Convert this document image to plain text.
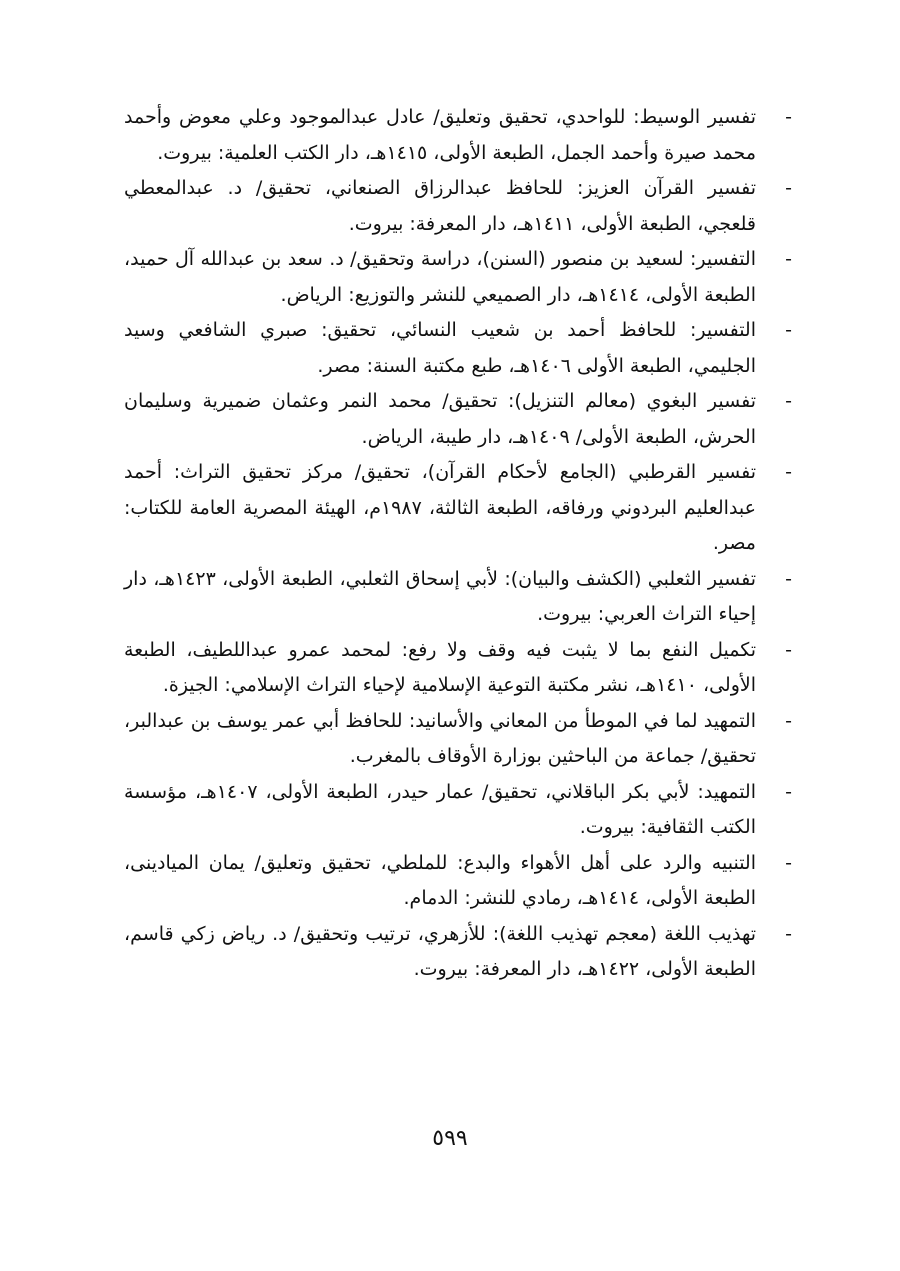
-
تفسير الوسيط: للواحدي، تحقيق وتعليق/ عادل عبدالموجود وعلي معوض وأحمد محمد صيرة وأحمد الجمل، الطبعة الأولى، ١٤١٥هـ، دار الكتب العلمية: بيروت.
-
تفسير القرآن العزيز: للحافظ عبدالرزاق الصنعاني، تحقيق/ د. عبدالمعطي قلعجي، الطبعة الأولى، ١٤١١هـ، دار المعرفة: بيروت.
-
التفسير: لسعيد بن منصور (السنن)، دراسة وتحقيق/ د. سعد بن عبدالله آل حميد، الطبعة الأولى، ١٤١٤هـ، دار الصميعي للنشر والتوزيع: الرياض.
-
التفسير: للحافظ أحمد بن شعيب النسائي، تحقيق: صبري الشافعي وسيد الجليمي، الطبعة الأولى ١٤٠٦هـ، طبع مكتبة السنة: مصر.
-
تفسير البغوي (معالم التنزيل): تحقيق/ محمد النمر وعثمان ضميرية وسليمان الحرش، الطبعة الأولى/ ١٤٠٩هـ، دار طيبة، الرياض.
-
تفسير القرطبي (الجامع لأحكام القرآن)، تحقيق/ مركز تحقيق التراث: أحمد عبدالعليم البردوني ورفاقه، الطبعة الثالثة، ١٩٨٧م، الهيئة المصرية العامة للكتاب: مصر.
-
تفسير الثعلبي (الكشف والبيان): لأبي إسحاق الثعلبي، الطبعة الأولى، ١٤٢٣هـ، دار إحياء التراث العربي: بيروت.
-
تكميل النفع بما لا يثبت فيه وقف ولا رفع: لمحمد عمرو عبداللطيف، الطبعة الأولى، ١٤١٠هـ، نشر مكتبة التوعية الإسلامية لإحياء التراث الإسلامي: الجيزة.
-
التمهيد لما في الموطأ من المعاني والأسانيد: للحافظ أبي عمر يوسف بن عبدالبر، تحقيق/ جماعة من الباحثين بوزارة الأوقاف بالمغرب.
-
التمهيد: لأبي بكر الباقلاني، تحقيق/ عمار حيدر، الطبعة الأولى، ١٤٠٧هـ، مؤسسة الكتب الثقافية: بيروت.
-
التنبيه والرد على أهل الأهواء والبدع: للملطي، تحقيق وتعليق/ يمان الميادينى، الطبعة الأولى، ١٤١٤هـ، رمادي للنشر: الدمام.
-
تهذيب اللغة (معجم تهذيب اللغة): للأزهري، ترتيب وتحقيق/ د. رياض زكي قاسم، الطبعة الأولى، ١٤٢٢هـ، دار المعرفة: بيروت.
٥٩٩
